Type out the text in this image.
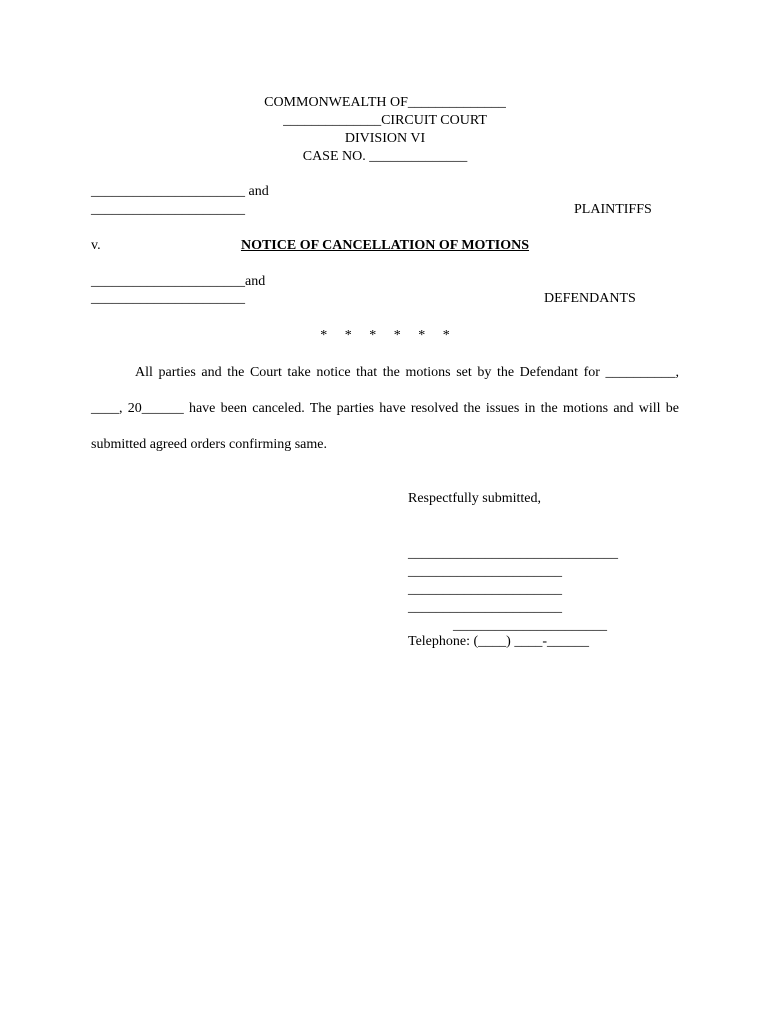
COMMONWEALTH OF______________
______________CIRCUIT COURT
DIVISION VI
CASE NO. ______________
______________________ and
______________________	PLAINTIFFS
v.	NOTICE OF CANCELLATION OF MOTIONS
______________________and
______________________	DEFENDANTS
*     *     *     *     *     *

All parties and the Court take notice that the motions set by the Defendant for __________, ____, 20______ have been canceled. The parties have resolved the issues in the motions and will be submitted agreed orders confirming same.

Respectfully submitted,
______________________________
______________________
______________________
______________________
______________________
Telephone: (____) ____-______
